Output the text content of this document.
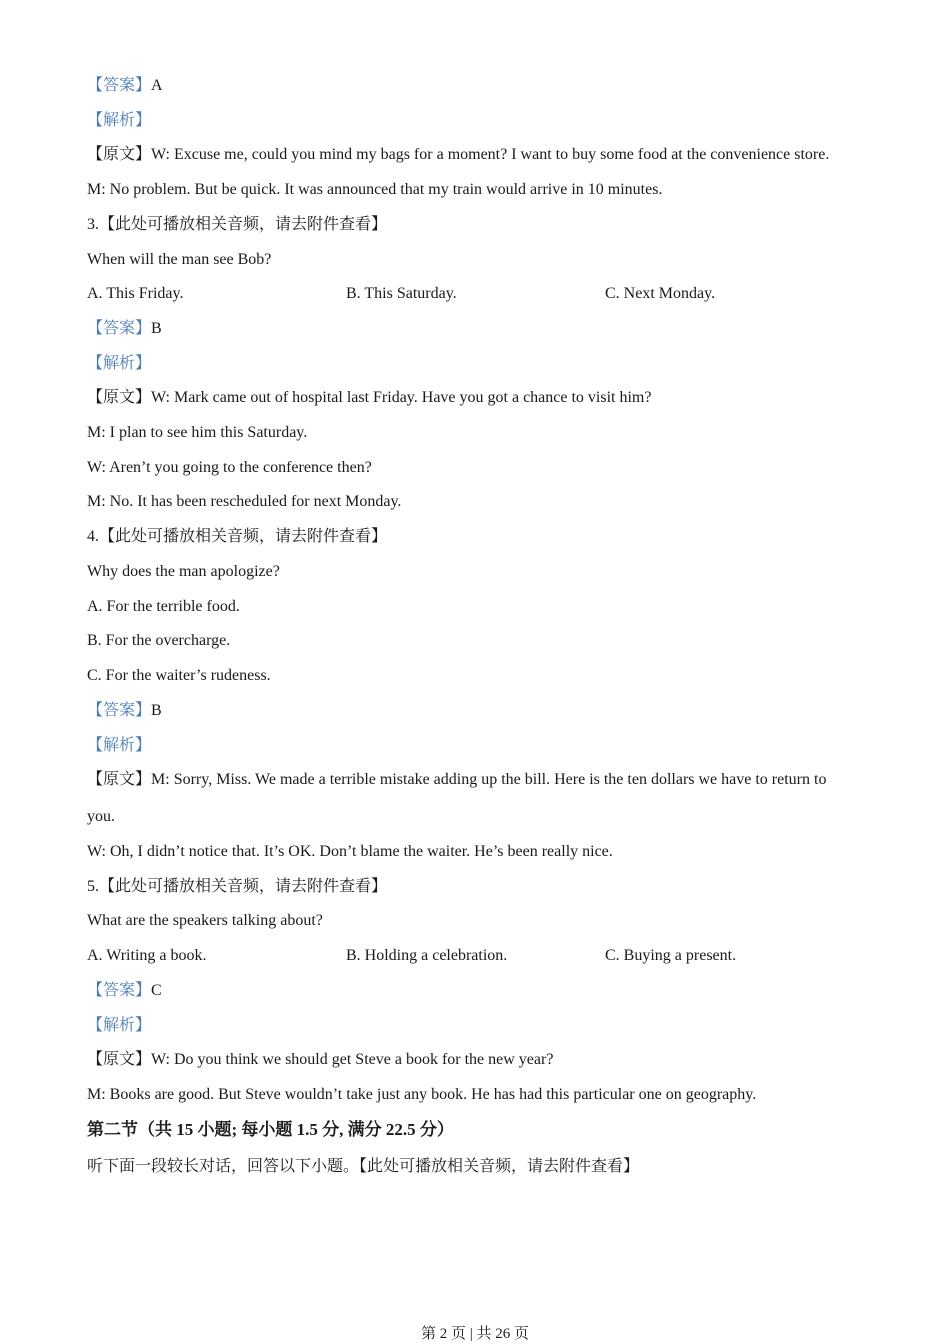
【答案】A
【解析】
【原文】W: Excuse me, could you mind my bags for a moment? I want to buy some food at the convenience store.
M: No problem. But be quick. It was announced that my train would arrive in 10 minutes.
3.【此处可播放相关音频，请去附件查看】
When will the man see Bob?
A. This Friday.	B. This Saturday.	C. Next Monday.
【答案】B
【解析】
【原文】W: Mark came out of hospital last Friday. Have you got a chance to visit him?
M: I plan to see him this Saturday.
W: Aren’t you going to the conference then?
M: No. It has been rescheduled for next Monday.
4.【此处可播放相关音频，请去附件查看】
Why does the man apologize?
A. For the terrible food.
B. For the overcharge.
C. For the waiter’s rudeness.
【答案】B
【解析】
【原文】M: Sorry, Miss. We made a terrible mistake adding up the bill. Here is the ten dollars we have to return to
you.
W: Oh, I didn’t notice that. It’s OK. Don’t blame the waiter. He’s been really nice.
5.【此处可播放相关音频，请去附件查看】
What are the speakers talking about?
A. Writing a book.	B. Holding a celebration.	C. Buying a present.
【答案】C
【解析】
【原文】W: Do you think we should get Steve a book for the new year?
M: Books are good. But Steve wouldn’t take just any book. He has had this particular one on geography.
第二节（共 15 小题; 每小题 1.5 分, 满分 22.5 分）
听下面一段较长对话，回答以下小题。【此处可播放相关音频，请去附件查看】
第 2 页 | 共 26 页
